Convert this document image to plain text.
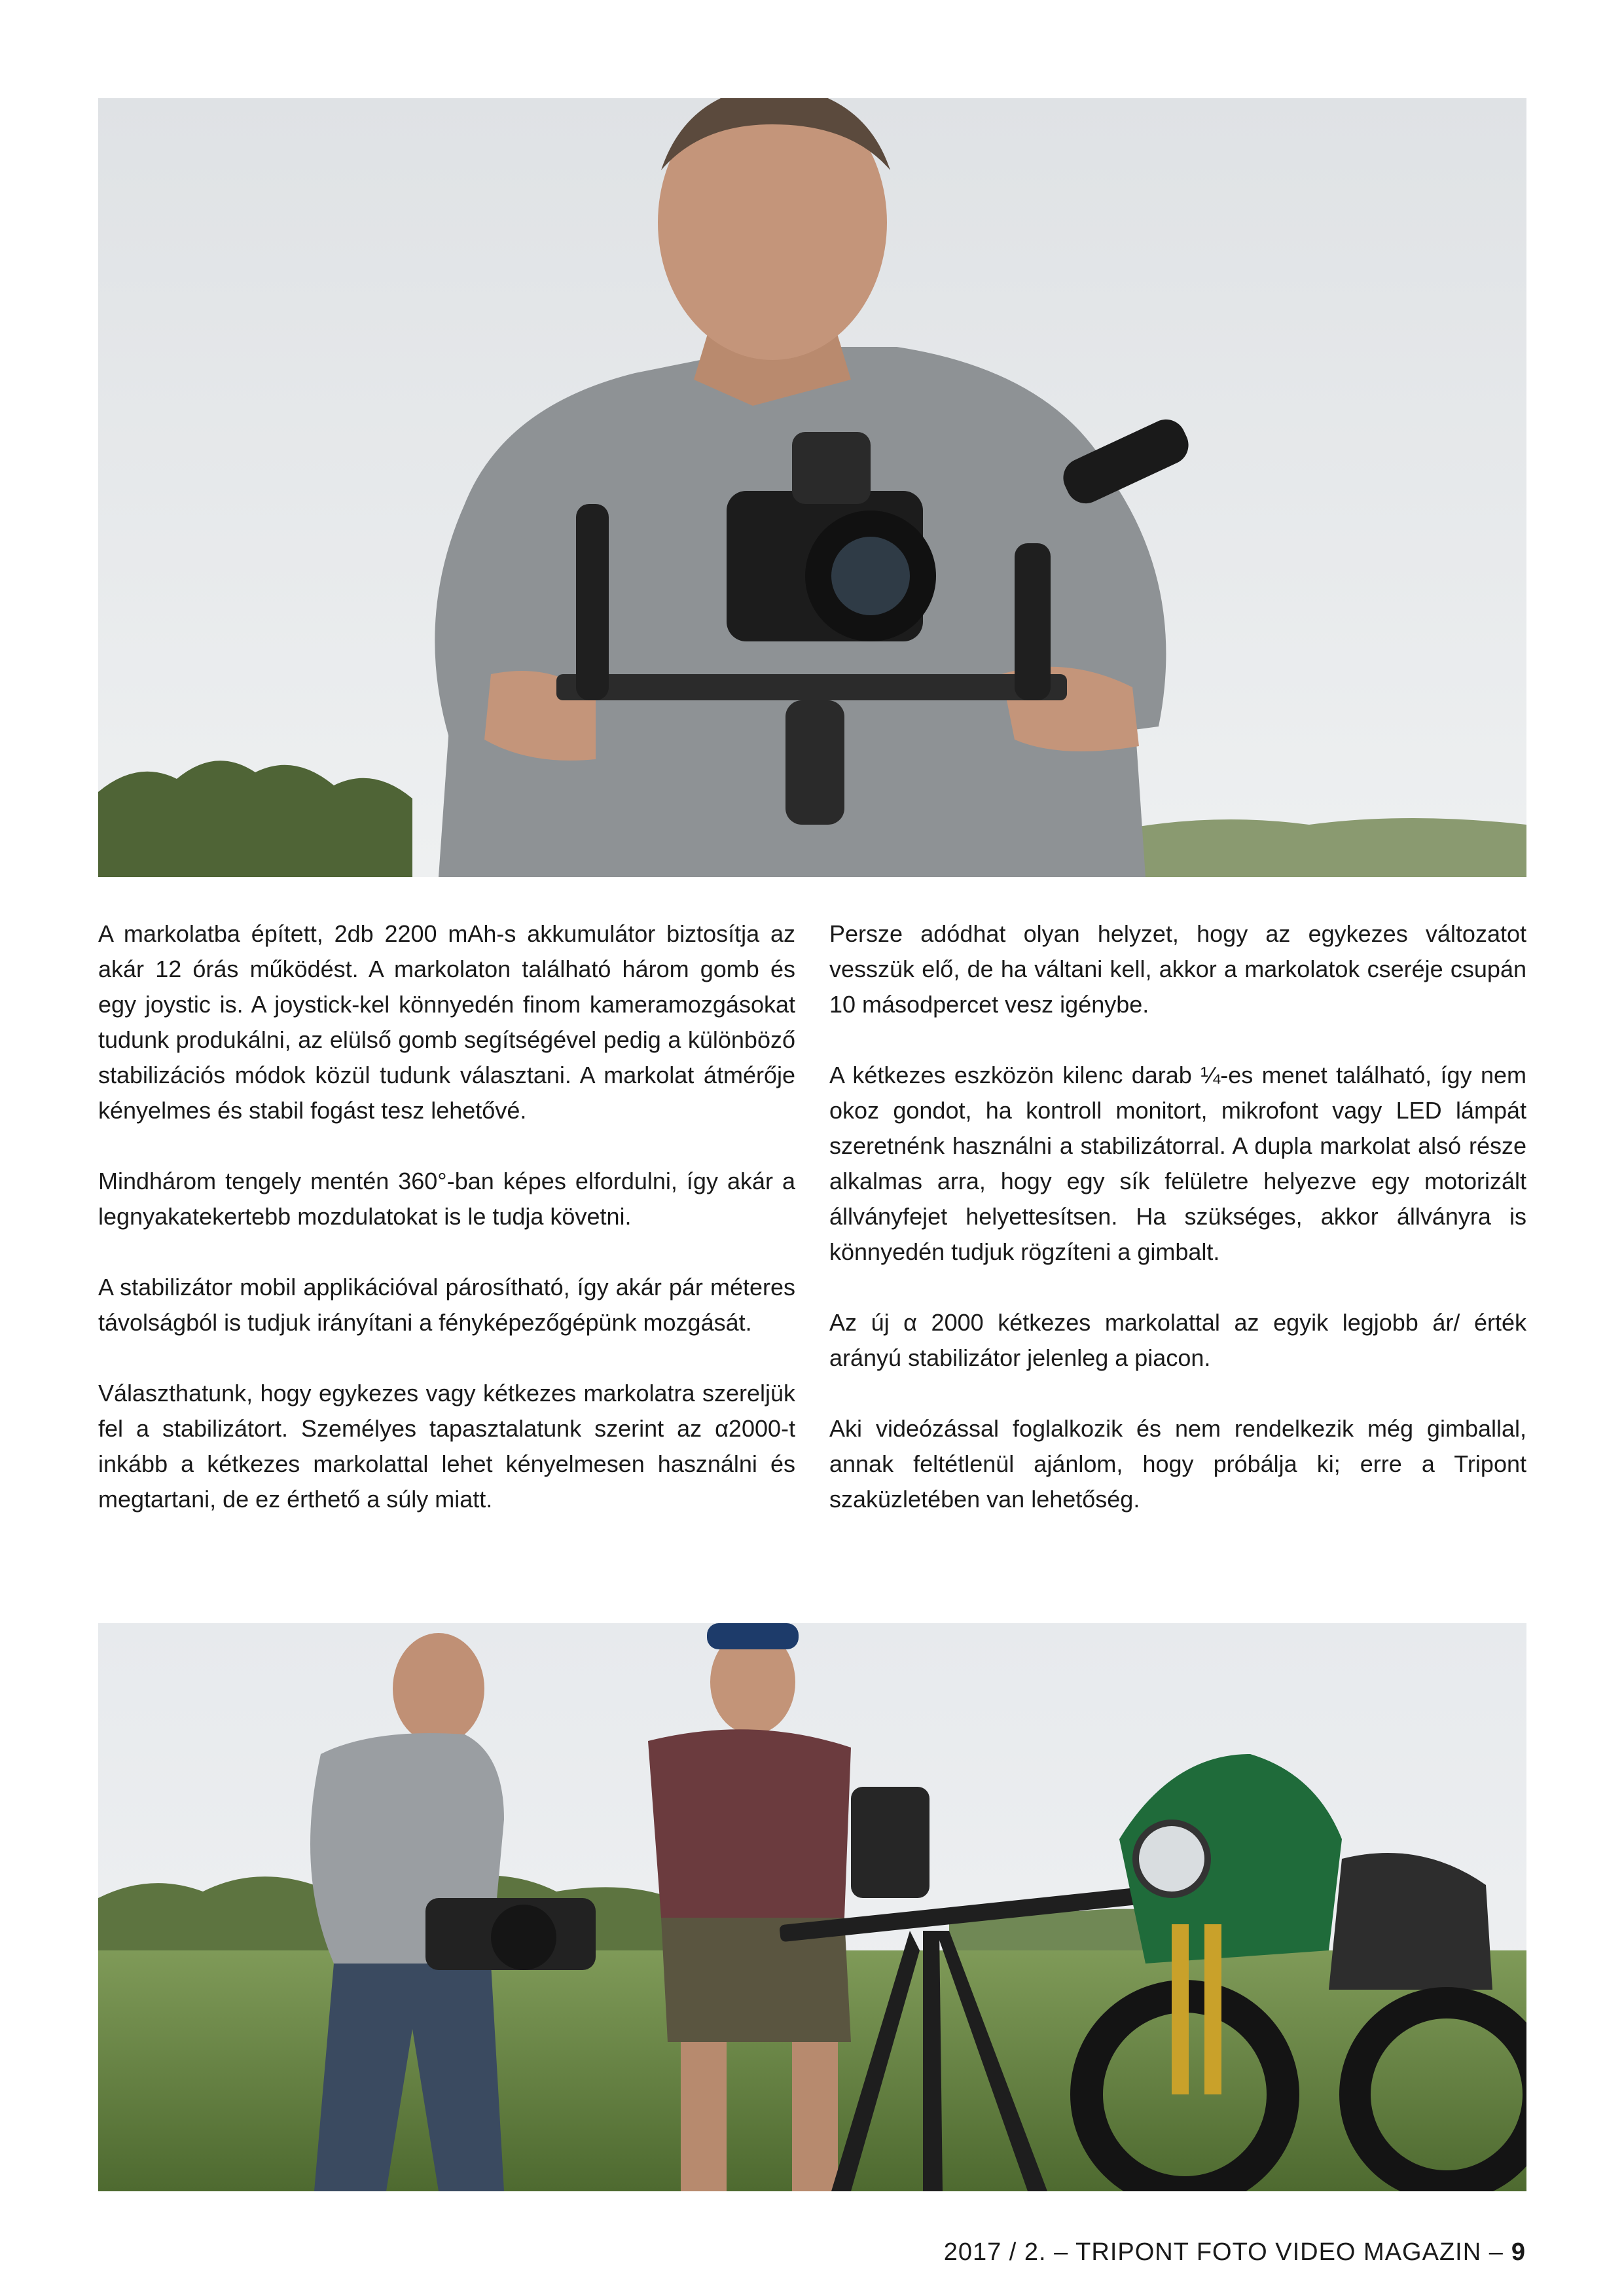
A markolatba épített, 2db 2200 mAh-s akkumulátor biztosítja az akár 12 órás működést. A markolaton található három gomb és egy joystic is. A joystick-kel könnyedén finom kameramozgásokat tudunk produkálni, az elülső gomb segítségével pedig a különböző stabilizációs módok közül tudunk választani. A markolat átmérője kényelmes és stabil fogást tesz lehetővé.

Mindhárom tengely mentén 360°-ban képes elfordulni, így akár a legnyakatekertebb mozdulatokat is le tudja követni.

A stabilizátor mobil applikációval párosítható, így akár pár méteres távolságból is tudjuk irányítani a fényképezőgépünk mozgását.

Választhatunk, hogy egykezes vagy kétkezes markolatra szereljük fel a stabilizátort. Személyes tapasztalatunk szerint az α2000-t inkább a kétkezes markolattal lehet kényelmesen használni és megtartani, de ez érthető a súly miatt.

Persze adódhat olyan helyzet, hogy az egykezes változatot vesszük elő, de ha váltani kell, akkor a markolatok cseréje csupán 10 másodpercet vesz igénybe.

A kétkezes eszközön kilenc darab ¼-es menet található, így nem okoz gondot, ha kontroll monitort, mikrofont vagy LED lámpát szeretnénk használni a stabilizátorral. A dupla markolat alsó része alkalmas arra, hogy egy sík felületre helyezve egy motorizált állványfejet helyettesítsen. Ha szükséges, akkor állványra is könnyedén tudjuk rögzíteni a gimbalt.

Az új α 2000 kétkezes markolattal az egyik legjobb ár/ érték arányú stabilizátor jelenleg a piacon.

Aki videózással foglalkozik és nem rendelkezik még gimballal, annak feltétlenül ajánlom, hogy próbálja ki; erre a Tripont szaküzletében van lehetőség.

2017 / 2. – TRIPONT FOTO VIDEO MAGAZIN – 9
